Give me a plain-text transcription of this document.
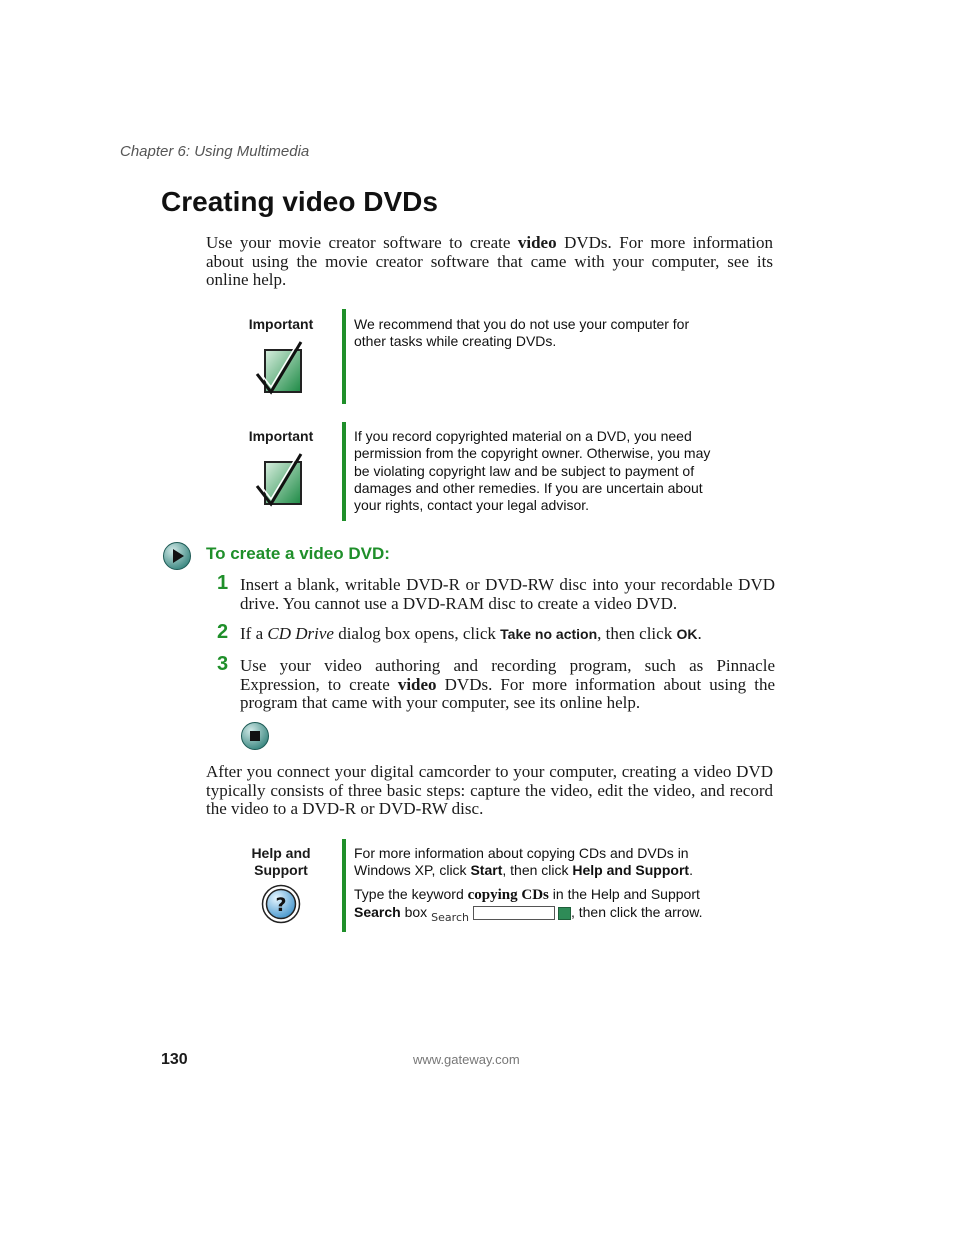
Chapter 6: Using Multimedia
Creating video DVDs

Use your movie creator software to create video DVDs. For more information about using the movie creator software that came with your computer, see its online help.

Important	We recommend that you do not use your computer for other tasks while creating DVDs.
Important	If you record copyrighted material on a DVD, you need permission from the copyright owner. Otherwise, you may be violating copyright law and be subject to payment of damages and other remedies. If you are uncertain about your rights, contact your legal advisor.
To create a video DVD:
1 Insert a blank, writable DVD-R or DVD-RW disc into your recordable DVD drive. You cannot use a DVD-RAM disc to create a video DVD.
2 If a CD Drive dialog box opens, click Take no action, then click OK.
3 Use your video authoring and recording program, such as Pinnacle Expression, to create video DVDs. For more information about using the program that came with your computer, see its online help.

After you connect your digital camcorder to your computer, creating a video DVD typically consists of three basic steps: capture the video, edit the video, and record the video to a DVD-R or DVD-RW disc.

Help and
Support
?

For more information about copying CDs and DVDs in Windows XP, click Start, then click Help and Support.

Type the keyword copying CDs in the Help and Support Search box $_{Search}$	, then click the arrow.

130	www.gateway.com
